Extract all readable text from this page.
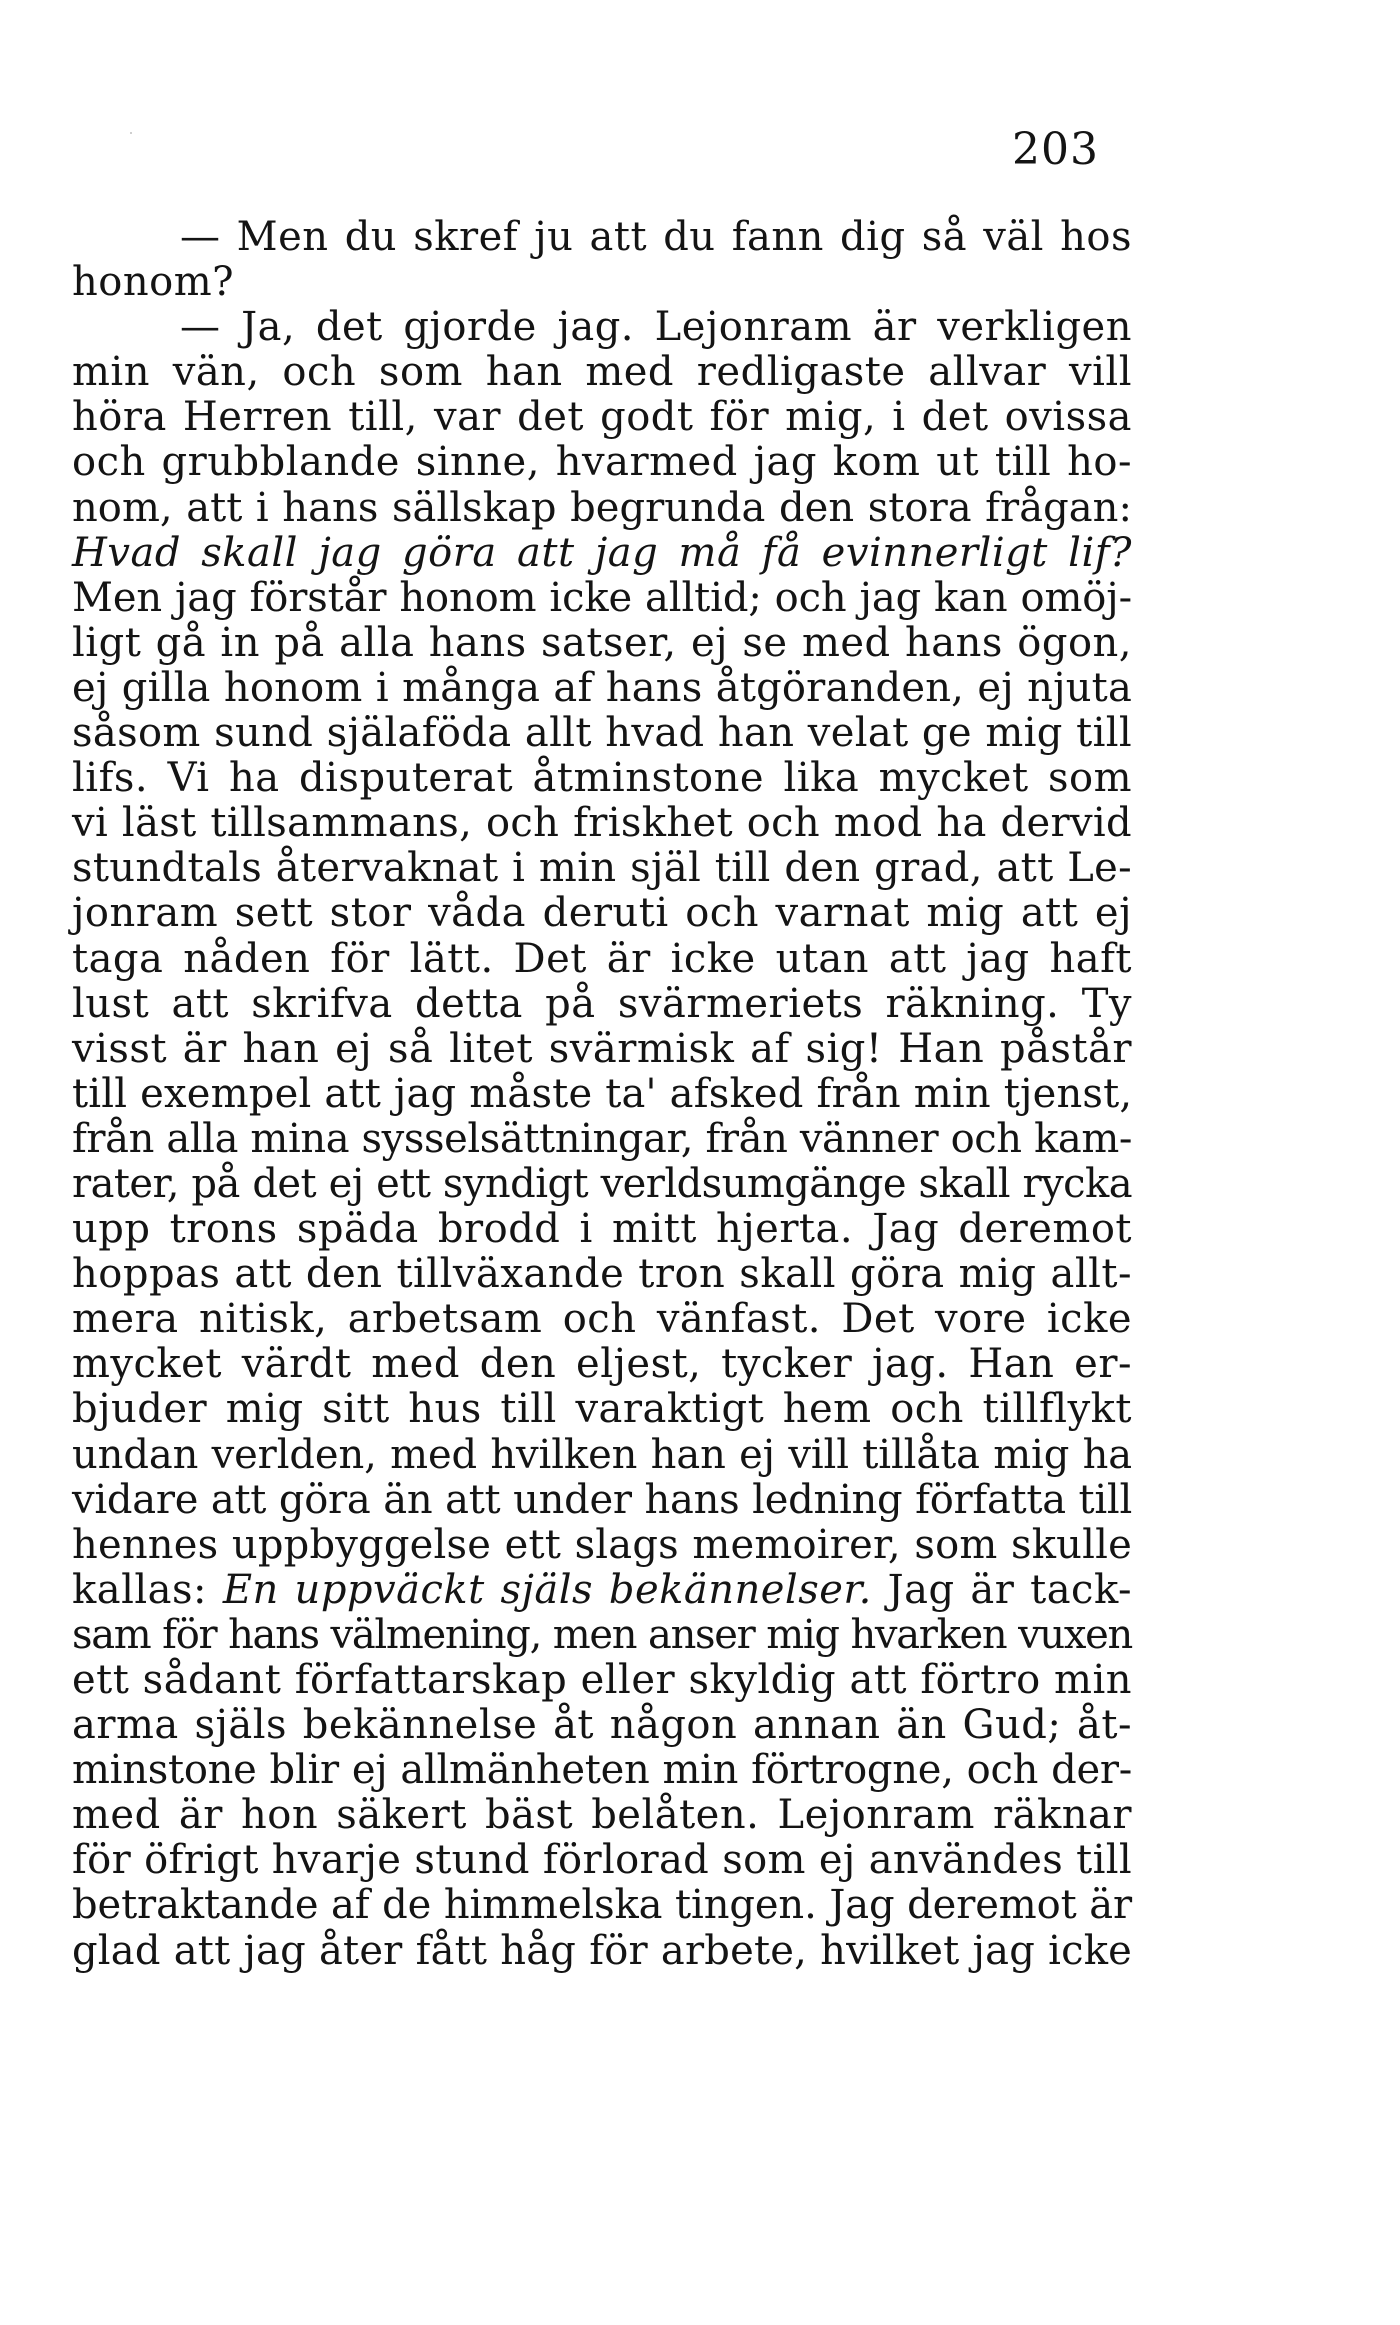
203
— Men du skref ju att du fann dig så väl hos
honom?
— Ja, det gjorde jag. Lejonram är verkligen
min vän, och som han med redligaste allvar vill
höra Herren till, var det godt för mig, i det ovissa
och grubblande sinne, hvarmed jag kom ut till ho-
nom, att i hans sällskap begrunda den stora frågan:
Hvad skall jag göra att jag må få evinnerligt lif?
Men jag förstår honom icke alltid; och jag kan omöj-
ligt gå in på alla hans satser, ej se med hans ögon,
ej gilla honom i många af hans åtgöranden, ej njuta
såsom sund själaföda allt hvad han velat ge mig till
lifs. Vi ha disputerat åtminstone lika mycket som
vi läst tillsammans, och friskhet och mod ha dervid
stundtals återvaknat i min själ till den grad, att Le-
jonram sett stor våda deruti och varnat mig att ej
taga nåden för lätt. Det är icke utan att jag haft
lust att skrifva detta på svärmeriets räkning. Ty
visst är han ej så litet svärmisk af sig! Han påstår
till exempel att jag måste ta' afsked från min tjenst,
från alla mina sysselsättningar, från vänner och kam-
rater, på det ej ett syndigt verldsumgänge skall rycka
upp trons späda brodd i mitt hjerta. Jag deremot
hoppas att den tillväxande tron skall göra mig allt-
mera nitisk, arbetsam och vänfast. Det vore icke
mycket värdt med den eljest, tycker jag. Han er-
bjuder mig sitt hus till varaktigt hem och tillflykt
undan verlden, med hvilken han ej vill tillåta mig ha
vidare att göra än att under hans ledning författa till
hennes uppbyggelse ett slags memoirer, som skulle
kallas: En uppväckt själs bekännelser. Jag är tack-
sam för hans välmening, men anser mig hvarken vuxen
ett sådant författarskap eller skyldig att förtro min
arma själs bekännelse åt någon annan än Gud; åt-
minstone blir ej allmänheten min förtrogne, och der-
med är hon säkert bäst belåten. Lejonram räknar
för öfrigt hvarje stund förlorad som ej användes till
betraktande af de himmelska tingen. Jag deremot är
glad att jag åter fått håg för arbete, hvilket jag icke
